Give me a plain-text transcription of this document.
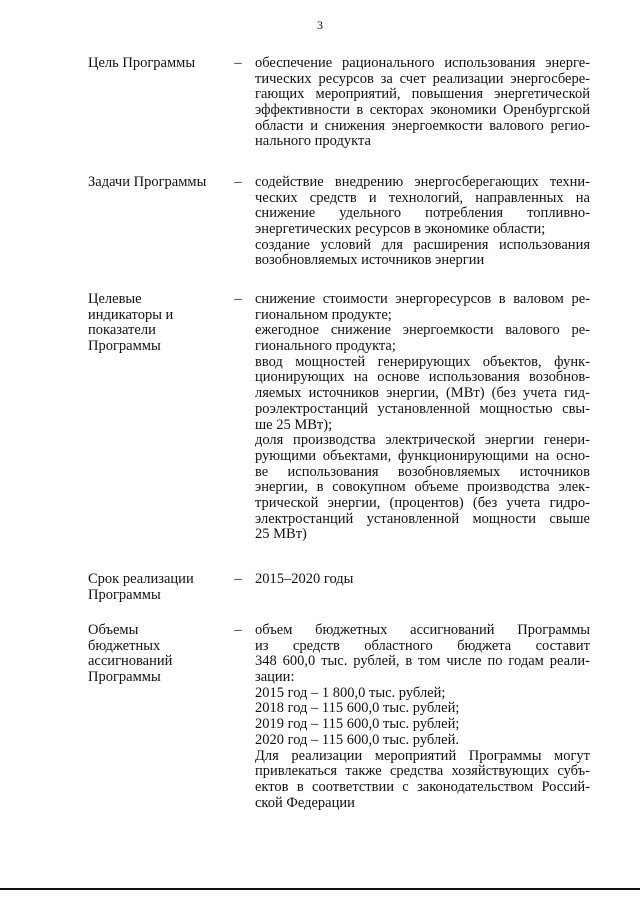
3
Цель Программы	– обеспечение рационального использования энерге-
тических ресурсов за счет реализации энергосбере-
гающих мероприятий, повышения энергетической
эффективности в секторах экономики Оренбургской
области и снижения энергоемкости валового регио-
нального продукта
Задачи Программы	– содействие внедрению энергосберегающих техни-
ческих средств и технологий, направленных на
снижение удельного потребления топливно-
энергетических ресурсов в экономике области;
создание условий для расширения использования
возобновляемых источников энергии
Целевые
индикаторы и
показатели
Программы
– снижение стоимости энергоресурсов в валовом ре-
гиональном продукте;
ежегодное снижение энергоемкости валового ре-
гионального продукта;
ввод мощностей генерирующих объектов, функ-
ционирующих на основе использования возобнов-
ляемых источников энергии, (МВт) (без учета гид-
роэлектростанций установленной мощностью свы-
ше 25 МВт);
доля производства электрической энергии генери-
рующими объектами, функционирующими на осно-
ве использования возобновляемых источников
энергии, в совокупном объеме производства элек-
трической энергии, (процентов) (без учета гидро-
электростанций установленной мощности свыше
25 МВт)
Срок реализации
Программы
– 2015–2020 годы
Объемы
бюджетных
ассигнований
Программы
– объем бюджетных ассигнований Программы
из средств областного бюджета составит
348 600,0 тыс. рублей, в том числе по годам реали-
зации:
2015 год – 1 800,0 тыс. рублей;
2018 год – 115 600,0 тыс. рублей;
2019 год – 115 600,0 тыс. рублей;
2020 год – 115 600,0 тыс. рублей.
Для реализации мероприятий Программы могут
привлекаться также средства хозяйствующих субъ-
ектов в соответствии с законодательством Россий-
ской Федерации
